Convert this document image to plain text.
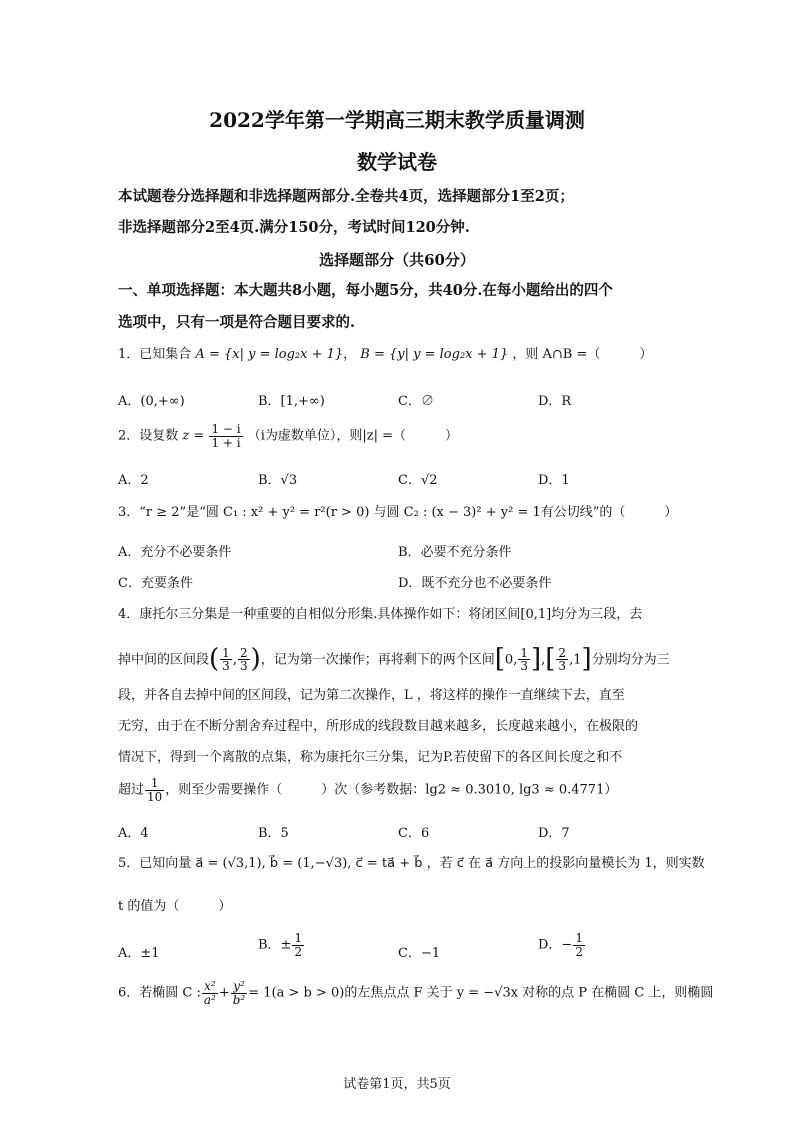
2022学年第一学期高三期末教学质量调测
数学试卷
本试题卷分选择题和非选择题两部分.全卷共4页，选择题部分1至2页；
非选择题部分2至4页.满分150分，考试时间120分钟.
选择题部分（共60分）
一、单项选择题：本大题共8小题，每小题5分，共40分.在每小题给出的四个
选项中，只有一项是符合题目要求的.
1．已知集合 A = {x| y = log₂x + 1}， B = {y| y = log₂x + 1} ，则 A∩B =（　　　）
A．(0,+∞)	B．[1,+∞)	C．∅	D．R
2．设复数 $z = \frac{1 - i}{1 + i} (i$为虚数单位），则|z| =（　　　）
A．2	B．√3	C．√2	D．1
3．“r ≥ 2”是“圆 C₁ : x² + y² = r²(r > 0) 与圆 C₂ : (x − 3)² + y² = 1有公切线”的（　　　）
A．充分不必要条件	B．必要不充分条件
C．充要条件	D．既不充分也不必要条件
4．康托尔三分集是一种重要的自相似分形集.具体操作如下：将闭区间[0,1]均分为三段，去
掉中间的区间段( $\frac{1}{3}$ , $\frac{2}{3}$ )，记为第一次操作；再将剩下的两个区间[0, $\frac{1}{3}$ ],[ $\frac{2}{3} ,1$]分别均分为三
段，并各自去掉中间的区间段，记为第二次操作，L ，将这样的操作一直继续下去，直至
无穷，由于在不断分割舍弃过程中，所形成的线段数目越来越多，长度越来越小，在极限的
情况下，得到一个离散的点集，称为康托尔三分集，记为P.若使留下的各区间长度之和不
超过 $\frac{1}{10}$ ，则至少需要操作（　　　）次（参考数据：lg2 ≈ 0.3010, lg3 ≈ 0.4771）
A．4	B．5	C．6	D．7
5．已知向量 a⃗ = (√3,1), b⃗ = (1,−√3), c⃗ = ta⃗ + b⃗ ，若 c⃗ 在 a⃗ 方向上的投影向量模长为 1，则实数
t 的值为（　　　）
A．±1
B．± $\frac{1}{2}$	C．−1
D．− $\frac{1}{2}$
6．若椭圆 C : $\frac{\text{x²}}{\text{a²}} + \frac{\text{y²}}{\text{b²}} = 1(a > b > 0)$的左焦点点 F 关于 y = −√3x 对称的点 P 在椭圆 C 上，则椭圆
试卷第1页，共5页
